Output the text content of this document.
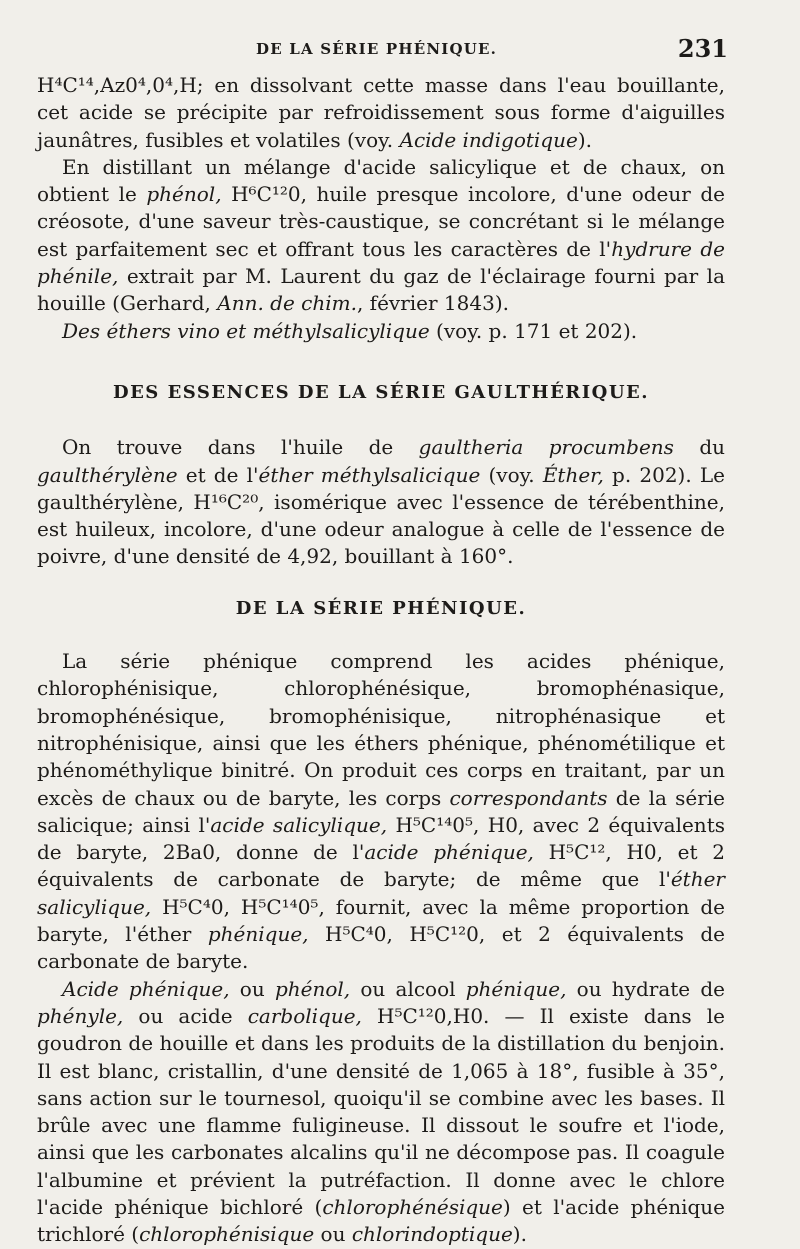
DE LA SÉRIE PHÉNIQUE.	231

H⁴C¹⁴,Az0⁴,0⁴,H; en dissolvant cette masse dans l'eau bouillante, cet acide se précipite par refroidissement sous forme d'aiguilles jaunâtres, fusibles et volatiles (voy. Acide indigotique).

En distillant un mélange d'acide salicylique et de chaux, on obtient le phénol, H⁶C¹²0, huile presque incolore, d'une odeur de créosote, d'une saveur très-caustique, se concrétant si le mélange est parfaitement sec et offrant tous les caractères de l'hydrure de phénile, extrait par M. Laurent du gaz de l'éclairage fourni par la houille (Gerhard, Ann. de chim., février 1843).

Des éthers vino et méthylsalicylique (voy. p. 171 et 202).

DES ESSENCES DE LA SÉRIE GAULTHÉRIQUE.

On trouve dans l'huile de gaultheria procumbens du gaulthérylène et de l'éther méthylsalicique (voy. Éther, p. 202). Le gaulthérylène, H¹⁶C²⁰, isomérique avec l'essence de térébenthine, est huileux, incolore, d'une odeur analogue à celle de l'essence de poivre, d'une densité de 4,92, bouillant à 160°.

DE LA SÉRIE PHÉNIQUE.

La série phénique comprend les acides phénique, chlorophénisique, chlorophénésique, bromophénasique, bromophénésique, bromophénisique, nitrophénasique et nitrophénisique, ainsi que les éthers phénique, phénométilique et phénométhylique binitré. On produit ces corps en traitant, par un excès de chaux ou de baryte, les corps correspondants de la série salicique; ainsi l'acide salicylique, H⁵C¹⁴0⁵, H0, avec 2 équivalents de baryte, 2Ba0, donne de l'acide phénique, H⁵C¹², H0, et 2 équivalents de carbonate de baryte; de même que l'éther salicylique, H⁵C⁴0, H⁵C¹⁴0⁵, fournit, avec la même proportion de baryte, l'éther phénique, H⁵C⁴0, H⁵C¹²0, et 2 équivalents de carbonate de baryte.

Acide phénique, ou phénol, ou alcool phénique, ou hydrate de phényle, ou acide carbolique, H⁵C¹²0,H0. — Il existe dans le goudron de houille et dans les produits de la distillation du benjoin. Il est blanc, cristallin, d'une densité de 1,065 à 18°, fusible à 35°, sans action sur le tournesol, quoiqu'il se combine avec les bases. Il brûle avec une flamme fuligineuse. Il dissout le soufre et l'iode, ainsi que les carbonates alcalins qu'il ne décompose pas. Il coagule l'albumine et prévient la putréfaction. Il donne avec le chlore l'acide phénique bichloré (chlorophénésique) et l'acide phénique trichloré (chlorophénisique ou chlorindoptique).
